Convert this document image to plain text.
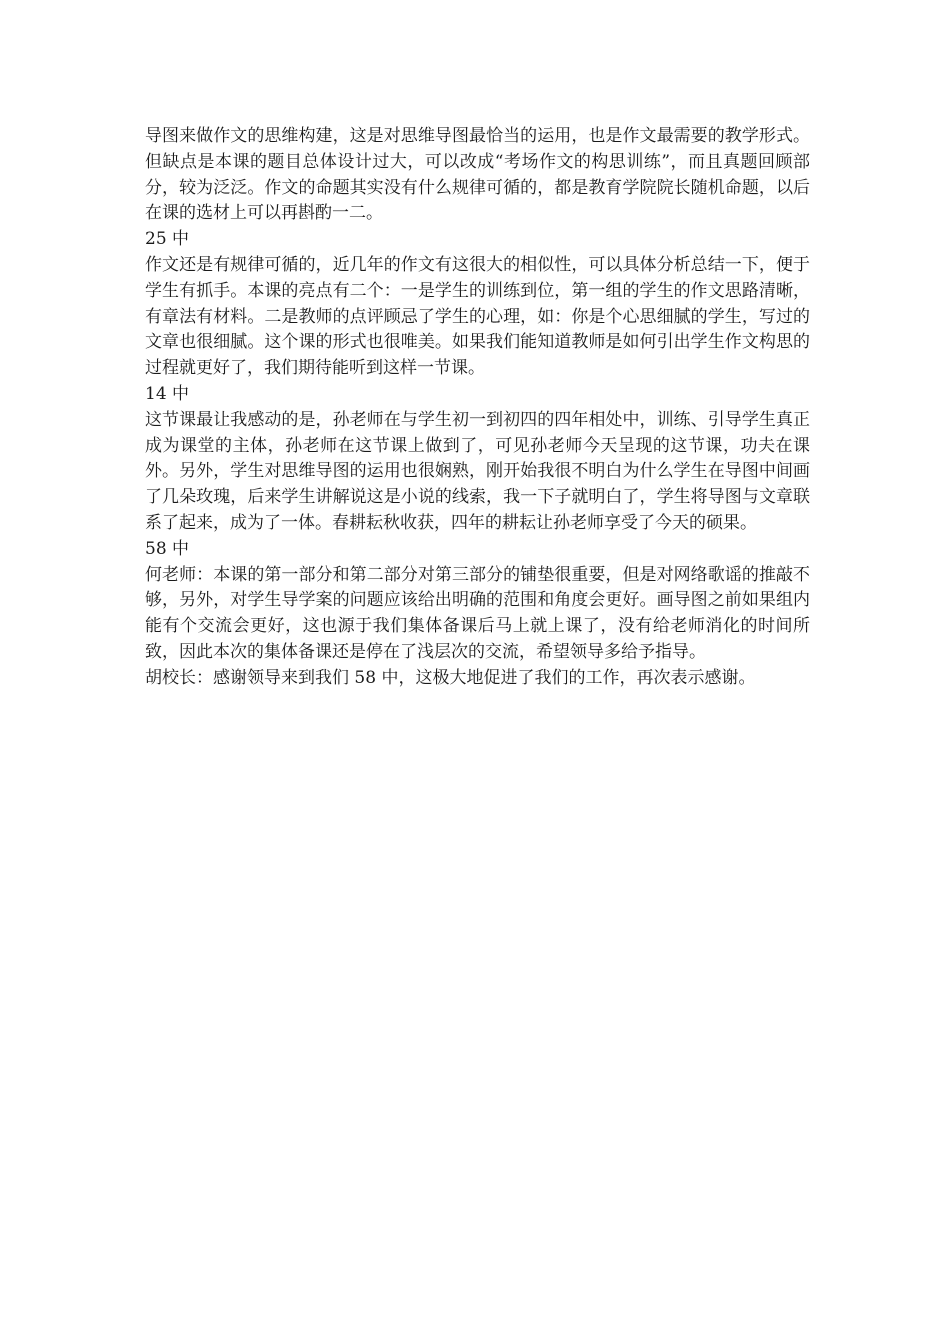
导图来做作文的思维构建，这是对思维导图最恰当的运用，也是作文最需要的教学形式。但缺点是本课的题目总体设计过大，可以改成“考场作文的构思训练”，而且真题回顾部分，较为泛泛。作文的命题其实没有什么规律可循的，都是教育学院院长随机命题，以后在课的选材上可以再斟酌一二。

25 中

作文还是有规律可循的，近几年的作文有这很大的相似性，可以具体分析总结一下，便于学生有抓手。本课的亮点有二个：一是学生的训练到位，第一组的学生的作文思路清晰，有章法有材料。二是教师的点评顾忌了学生的心理，如：你是个心思细腻的学生，写过的文章也很细腻。这个课的形式也很唯美。如果我们能知道教师是如何引出学生作文构思的过程就更好了，我们期待能听到这样一节课。

14 中

这节课最让我感动的是，孙老师在与学生初一到初四的四年相处中，训练、引导学生真正成为课堂的主体，孙老师在这节课上做到了，可见孙老师今天呈现的这节课，功夫在课外。另外，学生对思维导图的运用也很娴熟，刚开始我很不明白为什么学生在导图中间画了几朵玫瑰，后来学生讲解说这是小说的线索，我一下子就明白了，学生将导图与文章联系了起来，成为了一体。春耕耘秋收获，四年的耕耘让孙老师享受了今天的硕果。

58 中

何老师：本课的第一部分和第二部分对第三部分的铺垫很重要，但是对网络歌谣的推敲不够，另外，对学生导学案的问题应该给出明确的范围和角度会更好。画导图之前如果组内能有个交流会更好，这也源于我们集体备课后马上就上课了，没有给老师消化的时间所致，因此本次的集体备课还是停在了浅层次的交流，希望领导多给予指导。

胡校长：感谢领导来到我们 58 中，这极大地促进了我们的工作，再次表示感谢。
